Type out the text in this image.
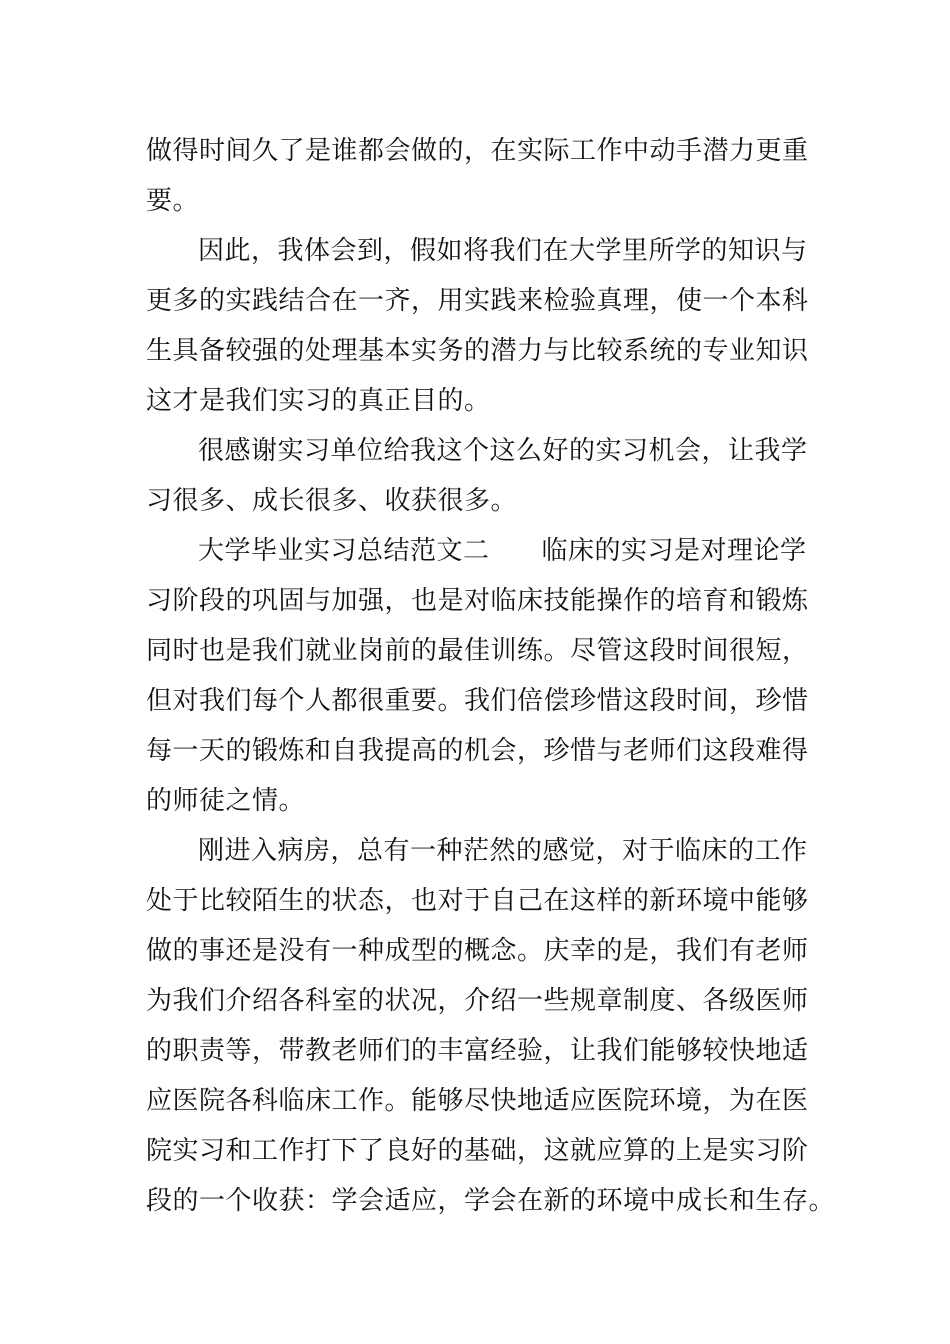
做得时间久了是谁都会做的，在实际工作中动手潜力更重
要。
因此，我体会到，假如将我们在大学里所学的知识与
更多的实践结合在一齐，用实践来检验真理，使一个本科
生具备较强的处理基本实务的潜力与比较系统的专业知识
这才是我们实习的真正目的。
很感谢实习单位给我这个这么好的实习机会，让我学
习很多、成长很多、收获很多。
大学毕业实习总结范文二 临床的实习是对理论学
习阶段的巩固与加强，也是对临床技能操作的培育和锻炼
同时也是我们就业岗前的最佳训练。尽管这段时间很短，
但对我们每个人都很重要。我们倍偿珍惜这段时间，珍惜
每一天的锻炼和自我提高的机会，珍惜与老师们这段难得
的师徒之情。
刚进入病房，总有一种茫然的感觉，对于临床的工作
处于比较陌生的状态，也对于自己在这样的新环境中能够
做的事还是没有一种成型的概念。庆幸的是，我们有老师
为我们介绍各科室的状况，介绍一些规章制度、各级医师
的职责等，带教老师们的丰富经验，让我们能够较快地适
应医院各科临床工作。能够尽快地适应医院环境，为在医
院实习和工作打下了良好的基础，这就应算的上是实习阶
段的一个收获：学会适应，学会在新的环境中成长和生存。
